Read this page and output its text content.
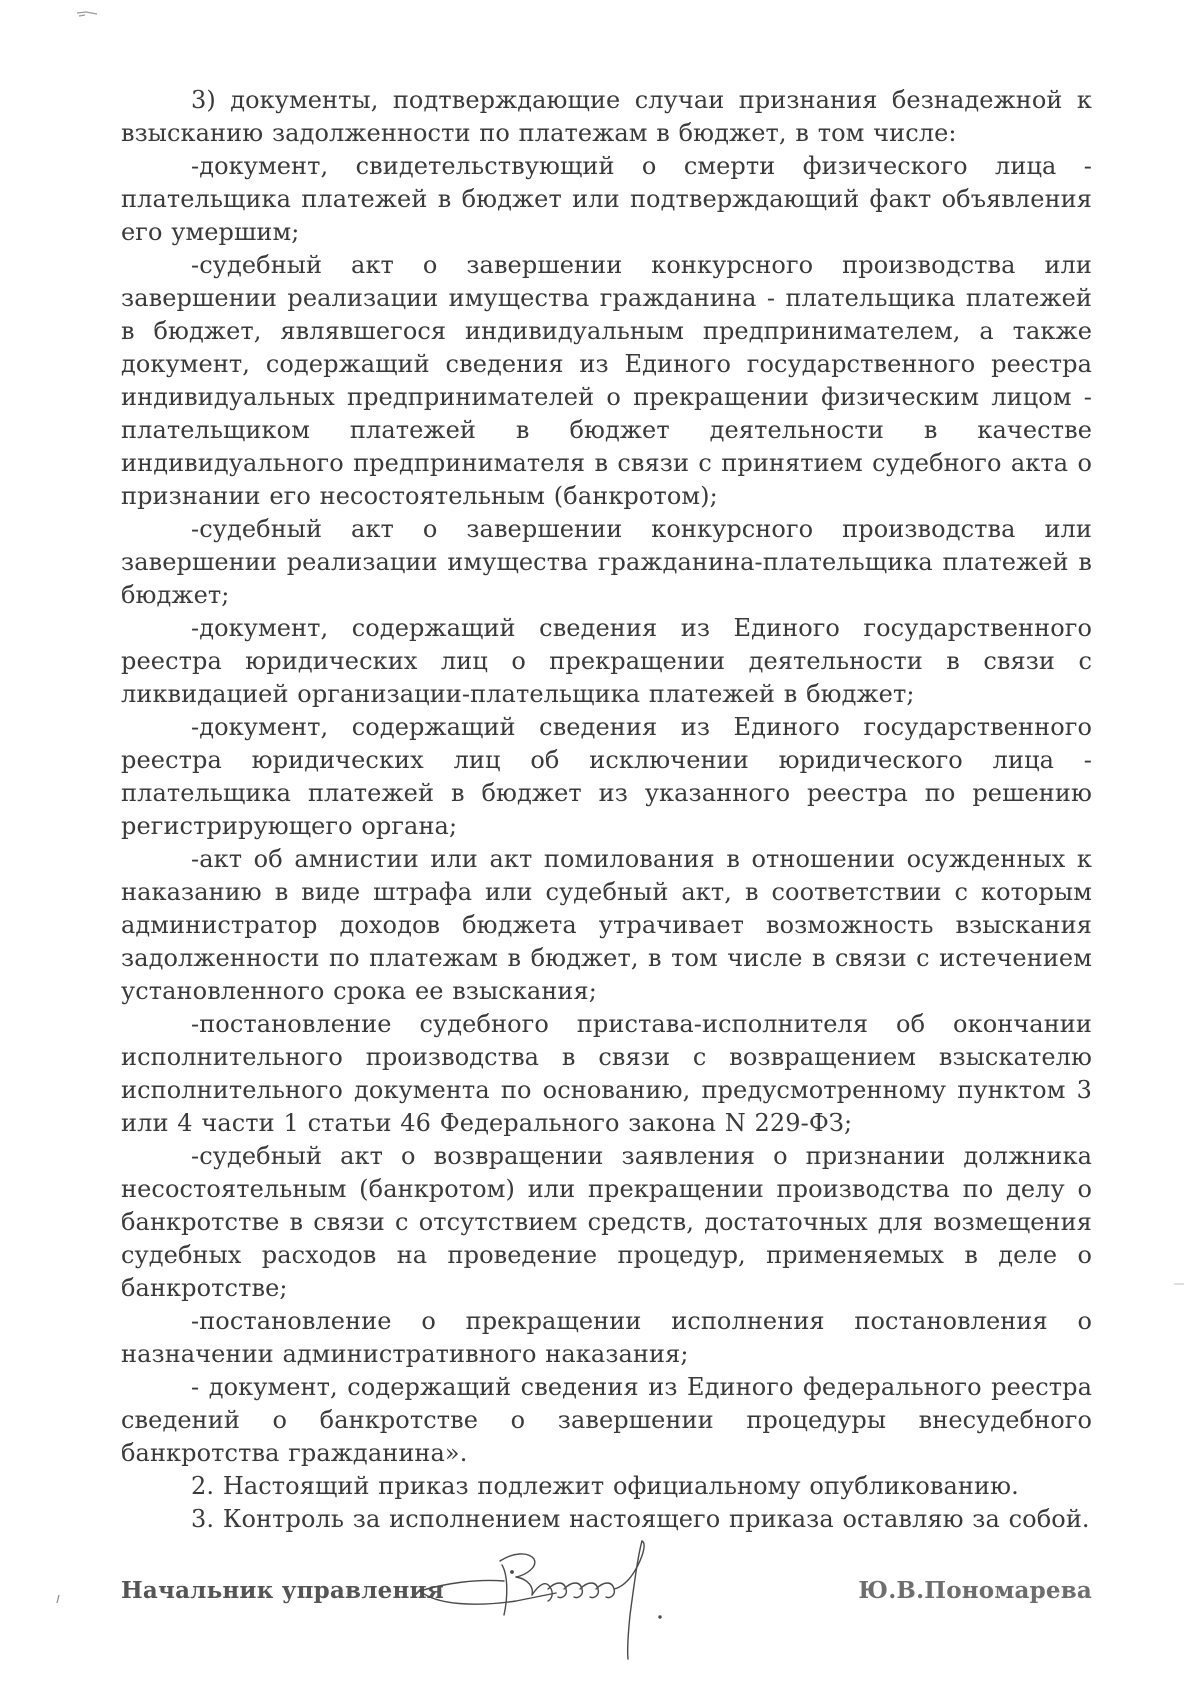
3) документы, подтверждающие случаи признания безнадежной к взысканию задолженности по платежам в бюджет, в том числе:

-документ, свидетельствующий о смерти физического лица - плательщика платежей в бюджет или подтверждающий факт объявления его умершим;

-судебный акт о завершении конкурсного производства или завершении реализации имущества гражданина - плательщика платежей в бюджет, являвшегося индивидуальным предпринимателем, а также документ, содержащий сведения из Единого государственного реестра индивидуальных предпринимателей о прекращении физическим лицом - плательщиком платежей в бюджет деятельности в качестве индивидуального предпринимателя в связи с принятием судебного акта о признании его несостоятельным (банкротом);

-судебный акт о завершении конкурсного производства или завершении реализации имущества гражданина-плательщика платежей в бюджет;

-документ, содержащий сведения из Единого государственного реестра юридических лиц о прекращении деятельности в связи с ликвидацией организации-плательщика платежей в бюджет;

-документ, содержащий сведения из Единого государственного реестра юридических лиц об исключении юридического лица - плательщика платежей в бюджет из указанного реестра по решению регистрирующего органа;

-акт об амнистии или акт помилования в отношении осужденных к наказанию в виде штрафа или судебный акт, в соответствии с которым администратор доходов бюджета утрачивает возможность взыскания задолженности по платежам в бюджет, в том числе в связи с истечением установленного срока ее взыскания;

-постановление судебного пристава-исполнителя об окончании исполнительного производства в связи с возвращением взыскателю исполнительного документа по основанию, предусмотренному пунктом 3 или 4 части 1 статьи 46 Федерального закона N 229-ФЗ;

-судебный акт о возвращении заявления о признании должника несостоятельным (банкротом) или прекращении производства по делу о банкротстве в связи с отсутствием средств, достаточных для возмещения судебных расходов на проведение процедур, применяемых в деле о банкротстве;

-постановление о прекращении исполнения постановления о назначении административного наказания;

- документ, содержащий сведения из Единого федерального реестра сведений о банкротстве о завершении процедуры внесудебного банкротства гражданина».

2. Настоящий приказ подлежит официальному опубликованию.

3. Контроль за исполнением настоящего приказа оставляю за собой.

Начальник управления	Ю.В.Пономарева
